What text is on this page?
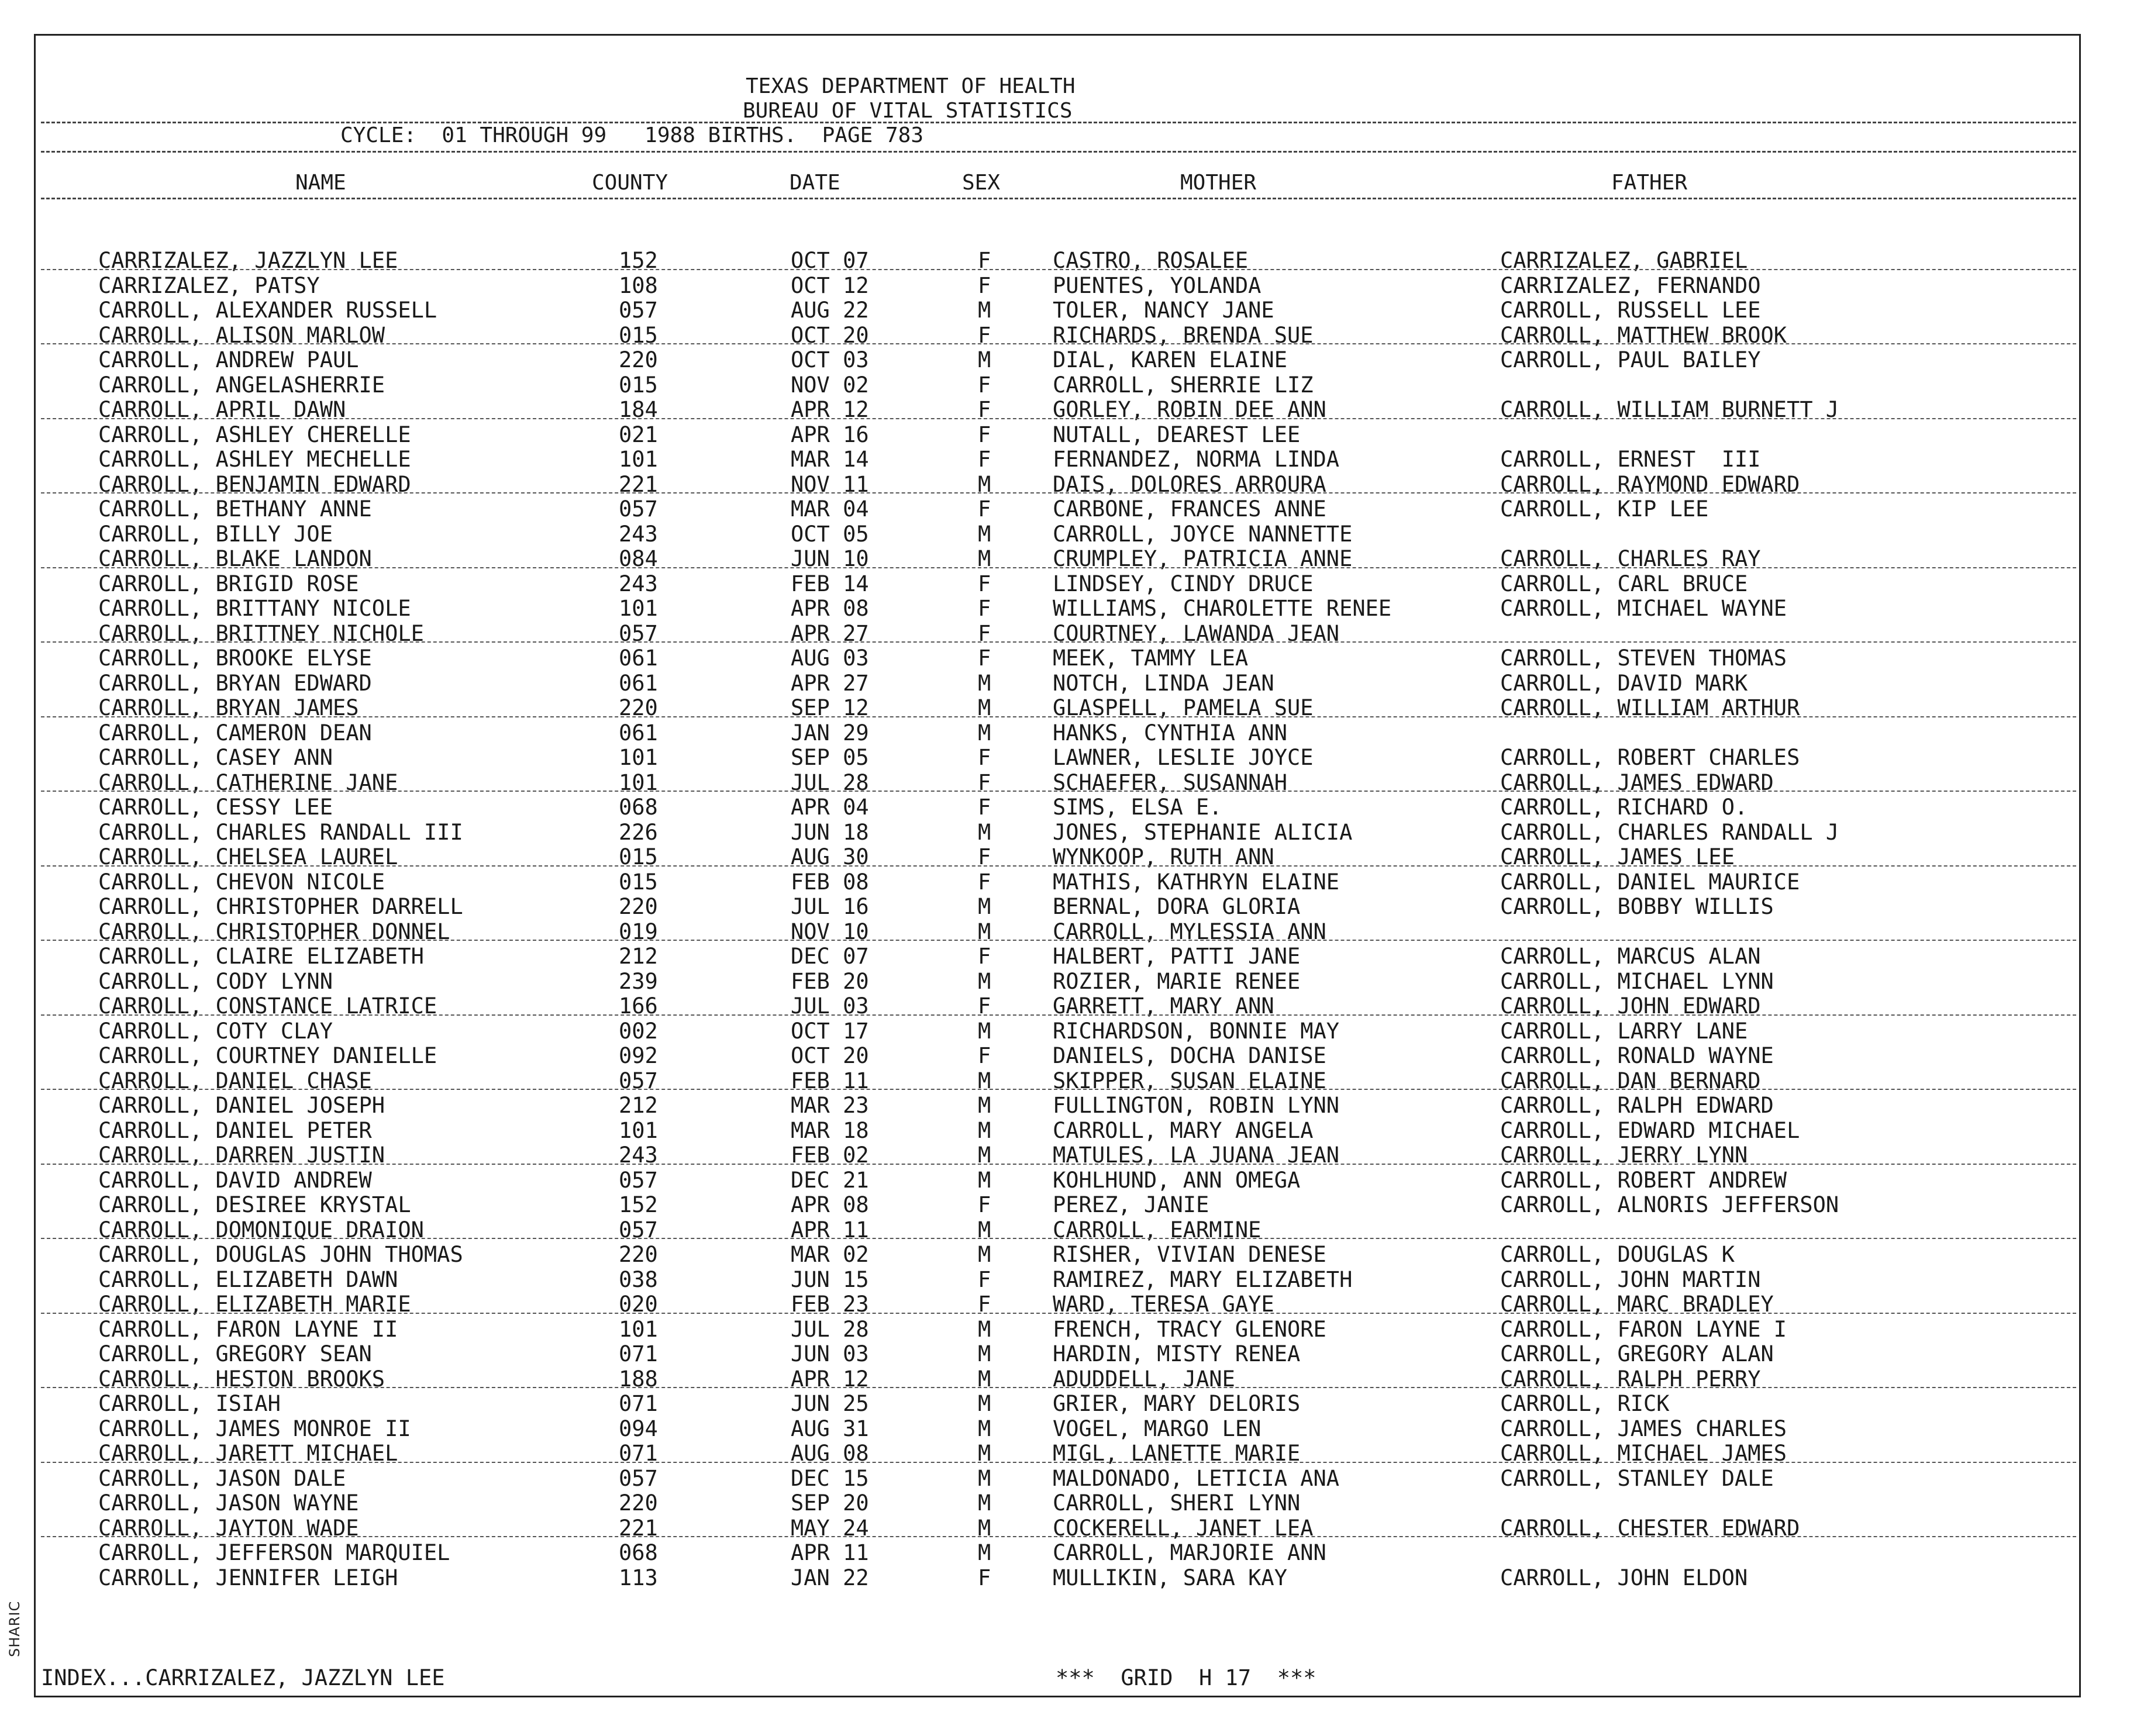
SHARIC
TEXAS DEPARTMENT OF HEALTH
BUREAU OF VITAL STATISTICS
CYCLE:  01 THROUGH 99   1988 BIRTHS.  PAGE 783
NAME	COUNTY	DATE	SEX	MOTHER	FATHER
CARRIZALEZ, JAZZLYN LEE	152	OCT 07	F	CASTRO, ROSALEE	CARRIZALEZ, GABRIEL
CARRIZALEZ, PATSY	108	OCT 12	F	PUENTES, YOLANDA	CARRIZALEZ, FERNANDO
CARROLL, ALEXANDER RUSSELL	057	AUG 22	M	TOLER, NANCY JANE	CARROLL, RUSSELL LEE
CARROLL, ALISON MARLOW	015	OCT 20	F	RICHARDS, BRENDA SUE	CARROLL, MATTHEW BROOK
CARROLL, ANDREW PAUL	220	OCT 03	M	DIAL, KAREN ELAINE	CARROLL, PAUL BAILEY
CARROLL, ANGELASHERRIE	015	NOV 02	F	CARROLL, SHERRIE LIZ
CARROLL, APRIL DAWN	184	APR 12	F	GORLEY, ROBIN DEE ANN	CARROLL, WILLIAM BURNETT J
CARROLL, ASHLEY CHERELLE	021	APR 16	F	NUTALL, DEAREST LEE
CARROLL, ASHLEY MECHELLE	101	MAR 14	F	FERNANDEZ, NORMA LINDA	CARROLL, ERNEST  III
CARROLL, BENJAMIN EDWARD	221	NOV 11	M	DAIS, DOLORES ARROURA	CARROLL, RAYMOND EDWARD
CARROLL, BETHANY ANNE	057	MAR 04	F	CARBONE, FRANCES ANNE	CARROLL, KIP LEE
CARROLL, BILLY JOE	243	OCT 05	M	CARROLL, JOYCE NANNETTE
CARROLL, BLAKE LANDON	084	JUN 10	M	CRUMPLEY, PATRICIA ANNE	CARROLL, CHARLES RAY
CARROLL, BRIGID ROSE	243	FEB 14	F	LINDSEY, CINDY DRUCE	CARROLL, CARL BRUCE
CARROLL, BRITTANY NICOLE	101	APR 08	F	WILLIAMS, CHAROLETTE RENEE	CARROLL, MICHAEL WAYNE
CARROLL, BRITTNEY NICHOLE	057	APR 27	F	COURTNEY, LAWANDA JEAN
CARROLL, BROOKE ELYSE	061	AUG 03	F	MEEK, TAMMY LEA	CARROLL, STEVEN THOMAS
CARROLL, BRYAN EDWARD	061	APR 27	M	NOTCH, LINDA JEAN	CARROLL, DAVID MARK
CARROLL, BRYAN JAMES	220	SEP 12	M	GLASPELL, PAMELA SUE	CARROLL, WILLIAM ARTHUR
CARROLL, CAMERON DEAN	061	JAN 29	M	HANKS, CYNTHIA ANN
CARROLL, CASEY ANN	101	SEP 05	F	LAWNER, LESLIE JOYCE	CARROLL, ROBERT CHARLES
CARROLL, CATHERINE JANE	101	JUL 28	F	SCHAEFER, SUSANNAH	CARROLL, JAMES EDWARD
CARROLL, CESSY LEE	068	APR 04	F	SIMS, ELSA E.	CARROLL, RICHARD O.
CARROLL, CHARLES RANDALL III	226	JUN 18	M	JONES, STEPHANIE ALICIA	CARROLL, CHARLES RANDALL J
CARROLL, CHELSEA LAUREL	015	AUG 30	F	WYNKOOP, RUTH ANN	CARROLL, JAMES LEE
CARROLL, CHEVON NICOLE	015	FEB 08	F	MATHIS, KATHRYN ELAINE	CARROLL, DANIEL MAURICE
CARROLL, CHRISTOPHER DARRELL	220	JUL 16	M	BERNAL, DORA GLORIA	CARROLL, BOBBY WILLIS
CARROLL, CHRISTOPHER DONNEL	019	NOV 10	M	CARROLL, MYLESSIA ANN
CARROLL, CLAIRE ELIZABETH	212	DEC 07	F	HALBERT, PATTI JANE	CARROLL, MARCUS ALAN
CARROLL, CODY LYNN	239	FEB 20	M	ROZIER, MARIE RENEE	CARROLL, MICHAEL LYNN
CARROLL, CONSTANCE LATRICE	166	JUL 03	F	GARRETT, MARY ANN	CARROLL, JOHN EDWARD
CARROLL, COTY CLAY	002	OCT 17	M	RICHARDSON, BONNIE MAY	CARROLL, LARRY LANE
CARROLL, COURTNEY DANIELLE	092	OCT 20	F	DANIELS, DOCHA DANISE	CARROLL, RONALD WAYNE
CARROLL, DANIEL CHASE	057	FEB 11	M	SKIPPER, SUSAN ELAINE	CARROLL, DAN BERNARD
CARROLL, DANIEL JOSEPH	212	MAR 23	M	FULLINGTON, ROBIN LYNN	CARROLL, RALPH EDWARD
CARROLL, DANIEL PETER	101	MAR 18	M	CARROLL, MARY ANGELA	CARROLL, EDWARD MICHAEL
CARROLL, DARREN JUSTIN	243	FEB 02	M	MATULES, LA JUANA JEAN	CARROLL, JERRY LYNN
CARROLL, DAVID ANDREW	057	DEC 21	M	KOHLHUND, ANN OMEGA	CARROLL, ROBERT ANDREW
CARROLL, DESIREE KRYSTAL	152	APR 08	F	PEREZ, JANIE	CARROLL, ALNORIS JEFFERSON
CARROLL, DOMONIQUE DRAION	057	APR 11	M	CARROLL, EARMINE
CARROLL, DOUGLAS JOHN THOMAS	220	MAR 02	M	RISHER, VIVIAN DENESE	CARROLL, DOUGLAS K
CARROLL, ELIZABETH DAWN	038	JUN 15	F	RAMIREZ, MARY ELIZABETH	CARROLL, JOHN MARTIN
CARROLL, ELIZABETH MARIE	020	FEB 23	F	WARD, TERESA GAYE	CARROLL, MARC BRADLEY
CARROLL, FARON LAYNE II	101	JUL 28	M	FRENCH, TRACY GLENORE	CARROLL, FARON LAYNE I
CARROLL, GREGORY SEAN	071	JUN 03	M	HARDIN, MISTY RENEA	CARROLL, GREGORY ALAN
CARROLL, HESTON BROOKS	188	APR 12	M	ADUDDELL, JANE	CARROLL, RALPH PERRY
CARROLL, ISIAH	071	JUN 25	M	GRIER, MARY DELORIS	CARROLL, RICK
CARROLL, JAMES MONROE II	094	AUG 31	M	VOGEL, MARGO LEN	CARROLL, JAMES CHARLES
CARROLL, JARETT MICHAEL	071	AUG 08	M	MIGL, LANETTE MARIE	CARROLL, MICHAEL JAMES
CARROLL, JASON DALE	057	DEC 15	M	MALDONADO, LETICIA ANA	CARROLL, STANLEY DALE
CARROLL, JASON WAYNE	220	SEP 20	M	CARROLL, SHERI LYNN
CARROLL, JAYTON WADE	221	MAY 24	M	COCKERELL, JANET LEA	CARROLL, CHESTER EDWARD
CARROLL, JEFFERSON MARQUIEL	068	APR 11	M	CARROLL, MARJORIE ANN
CARROLL, JENNIFER LEIGH	113	JAN 22	F	MULLIKIN, SARA KAY	CARROLL, JOHN ELDON
INDEX...CARRIZALEZ, JAZZLYN LEE	***  GRID  H 17  ***
